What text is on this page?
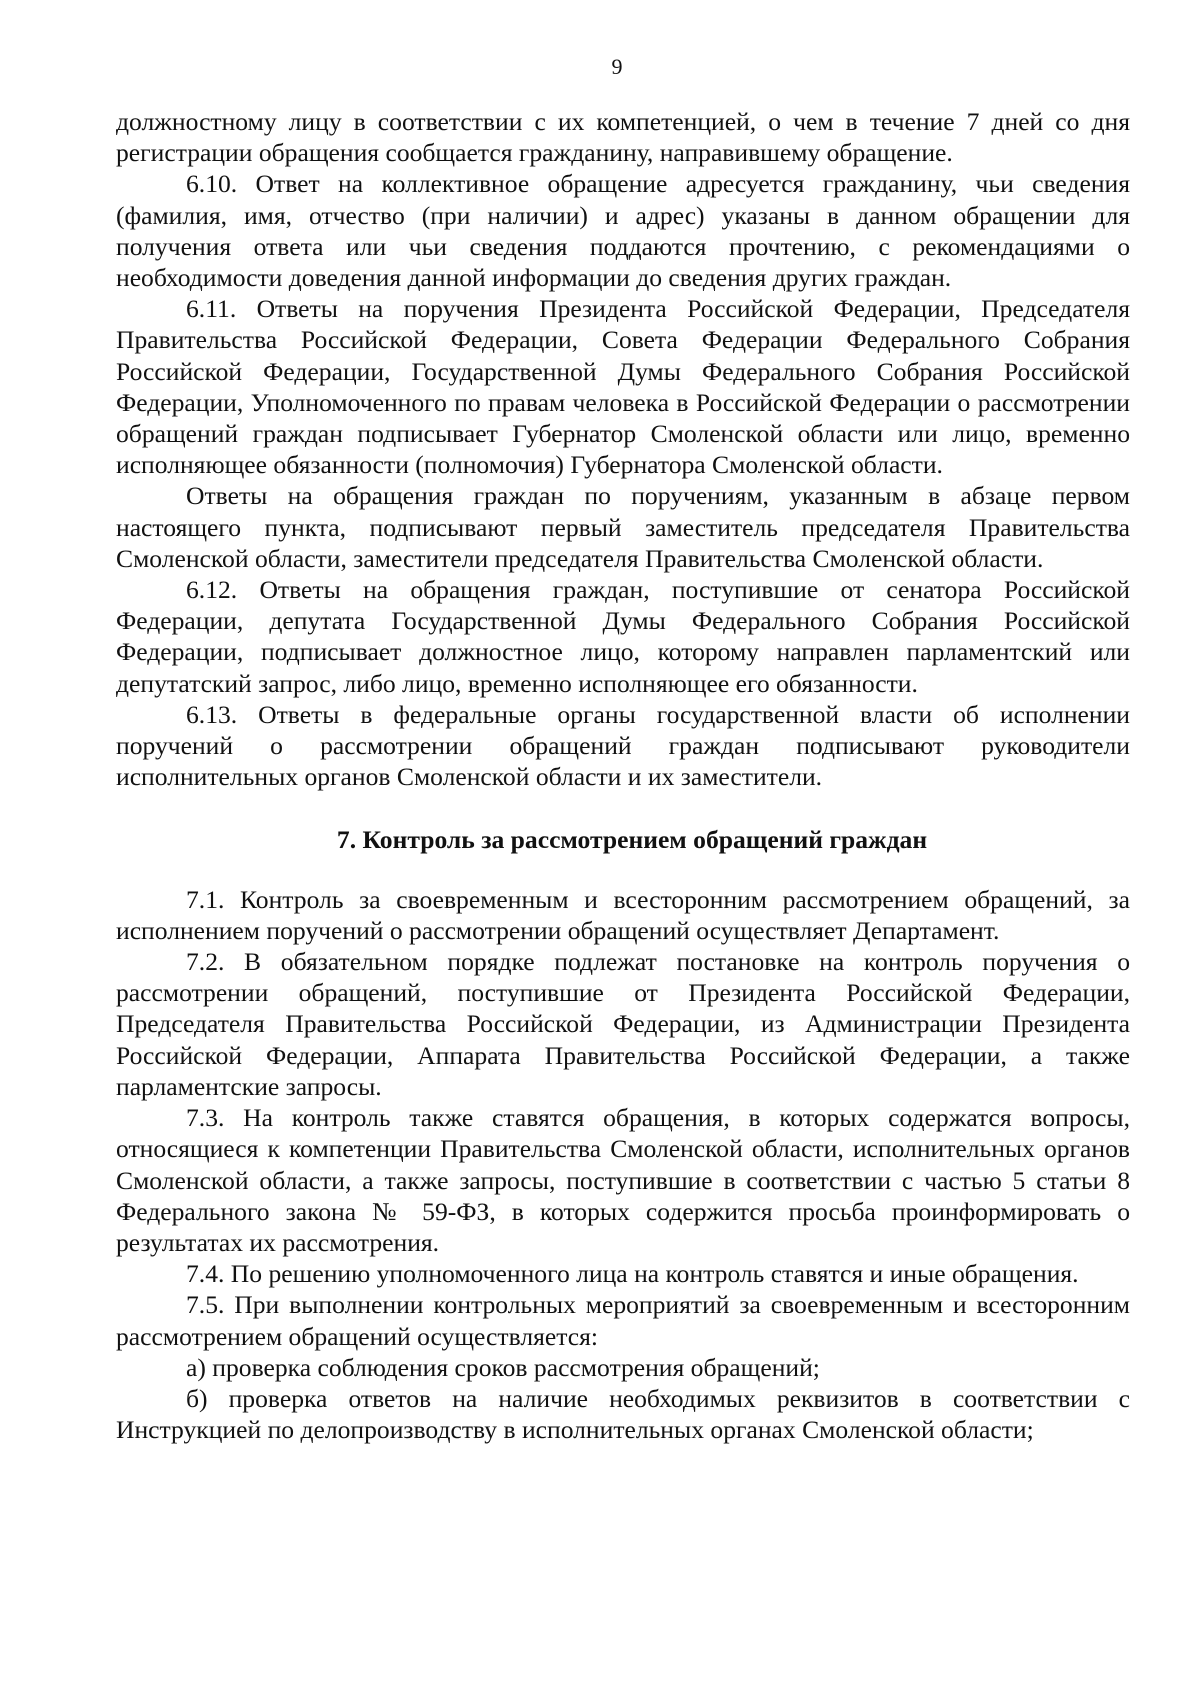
9

должностному лицу в соответствии с их компетенцией, о чем в течение 7 дней со дня регистрации обращения сообщается гражданину, направившему обращение.

6.10. Ответ на коллективное обращение адресуется гражданину, чьи сведения (фамилия, имя, отчество (при наличии) и адрес) указаны в данном обращении для получения ответа или чьи сведения поддаются прочтению, с рекомендациями о необходимости доведения данной информации до сведения других граждан.

6.11. Ответы на поручения Президента Российской Федерации, Председателя Правительства Российской Федерации, Совета Федерации Федерального Собрания Российской Федерации, Государственной Думы Федерального Собрания Российской Федерации, Уполномоченного по правам человека в Российской Федерации о рассмотрении обращений граждан подписывает Губернатор Смоленской области или лицо, временно исполняющее обязанности (полномочия) Губернатора Смоленской области.

Ответы на обращения граждан по поручениям, указанным в абзаце первом настоящего пункта, подписывают первый заместитель председателя Правительства Смоленской области, заместители председателя Правительства Смоленской области.

6.12. Ответы на обращения граждан, поступившие от сенатора Российской Федерации, депутата Государственной Думы Федерального Собрания Российской Федерации, подписывает должностное лицо, которому направлен парламентский или депутатский запрос, либо лицо, временно исполняющее его обязанности.

6.13. Ответы в федеральные органы государственной власти об исполнении поручений о рассмотрении обращений граждан подписывают руководители исполнительных органов Смоленской области и их заместители.

7. Контроль за рассмотрением обращений граждан

7.1. Контроль за своевременным и всесторонним рассмотрением обращений, за исполнением поручений о рассмотрении обращений осуществляет Департамент.

7.2. В обязательном порядке подлежат постановке на контроль поручения о рассмотрении обращений, поступившие от Президента Российской Федерации, Председателя Правительства Российской Федерации, из Администрации Президента Российской Федерации, Аппарата Правительства Российской Федерации, а также парламентские запросы.

7.3. На контроль также ставятся обращения, в которых содержатся вопросы, относящиеся к компетенции Правительства Смоленской области, исполнительных органов Смоленской области, а также запросы, поступившие в соответствии с частью 5 статьи 8 Федерального закона № 59-ФЗ, в которых содержится просьба проинформировать о результатах их рассмотрения.

7.4. По решению уполномоченного лица на контроль ставятся и иные обращения.

7.5. При выполнении контрольных мероприятий за своевременным и всесторонним рассмотрением обращений осуществляется:

а) проверка соблюдения сроков рассмотрения обращений;

б) проверка ответов на наличие необходимых реквизитов в соответствии с Инструкцией по делопроизводству в исполнительных органах Смоленской области;
